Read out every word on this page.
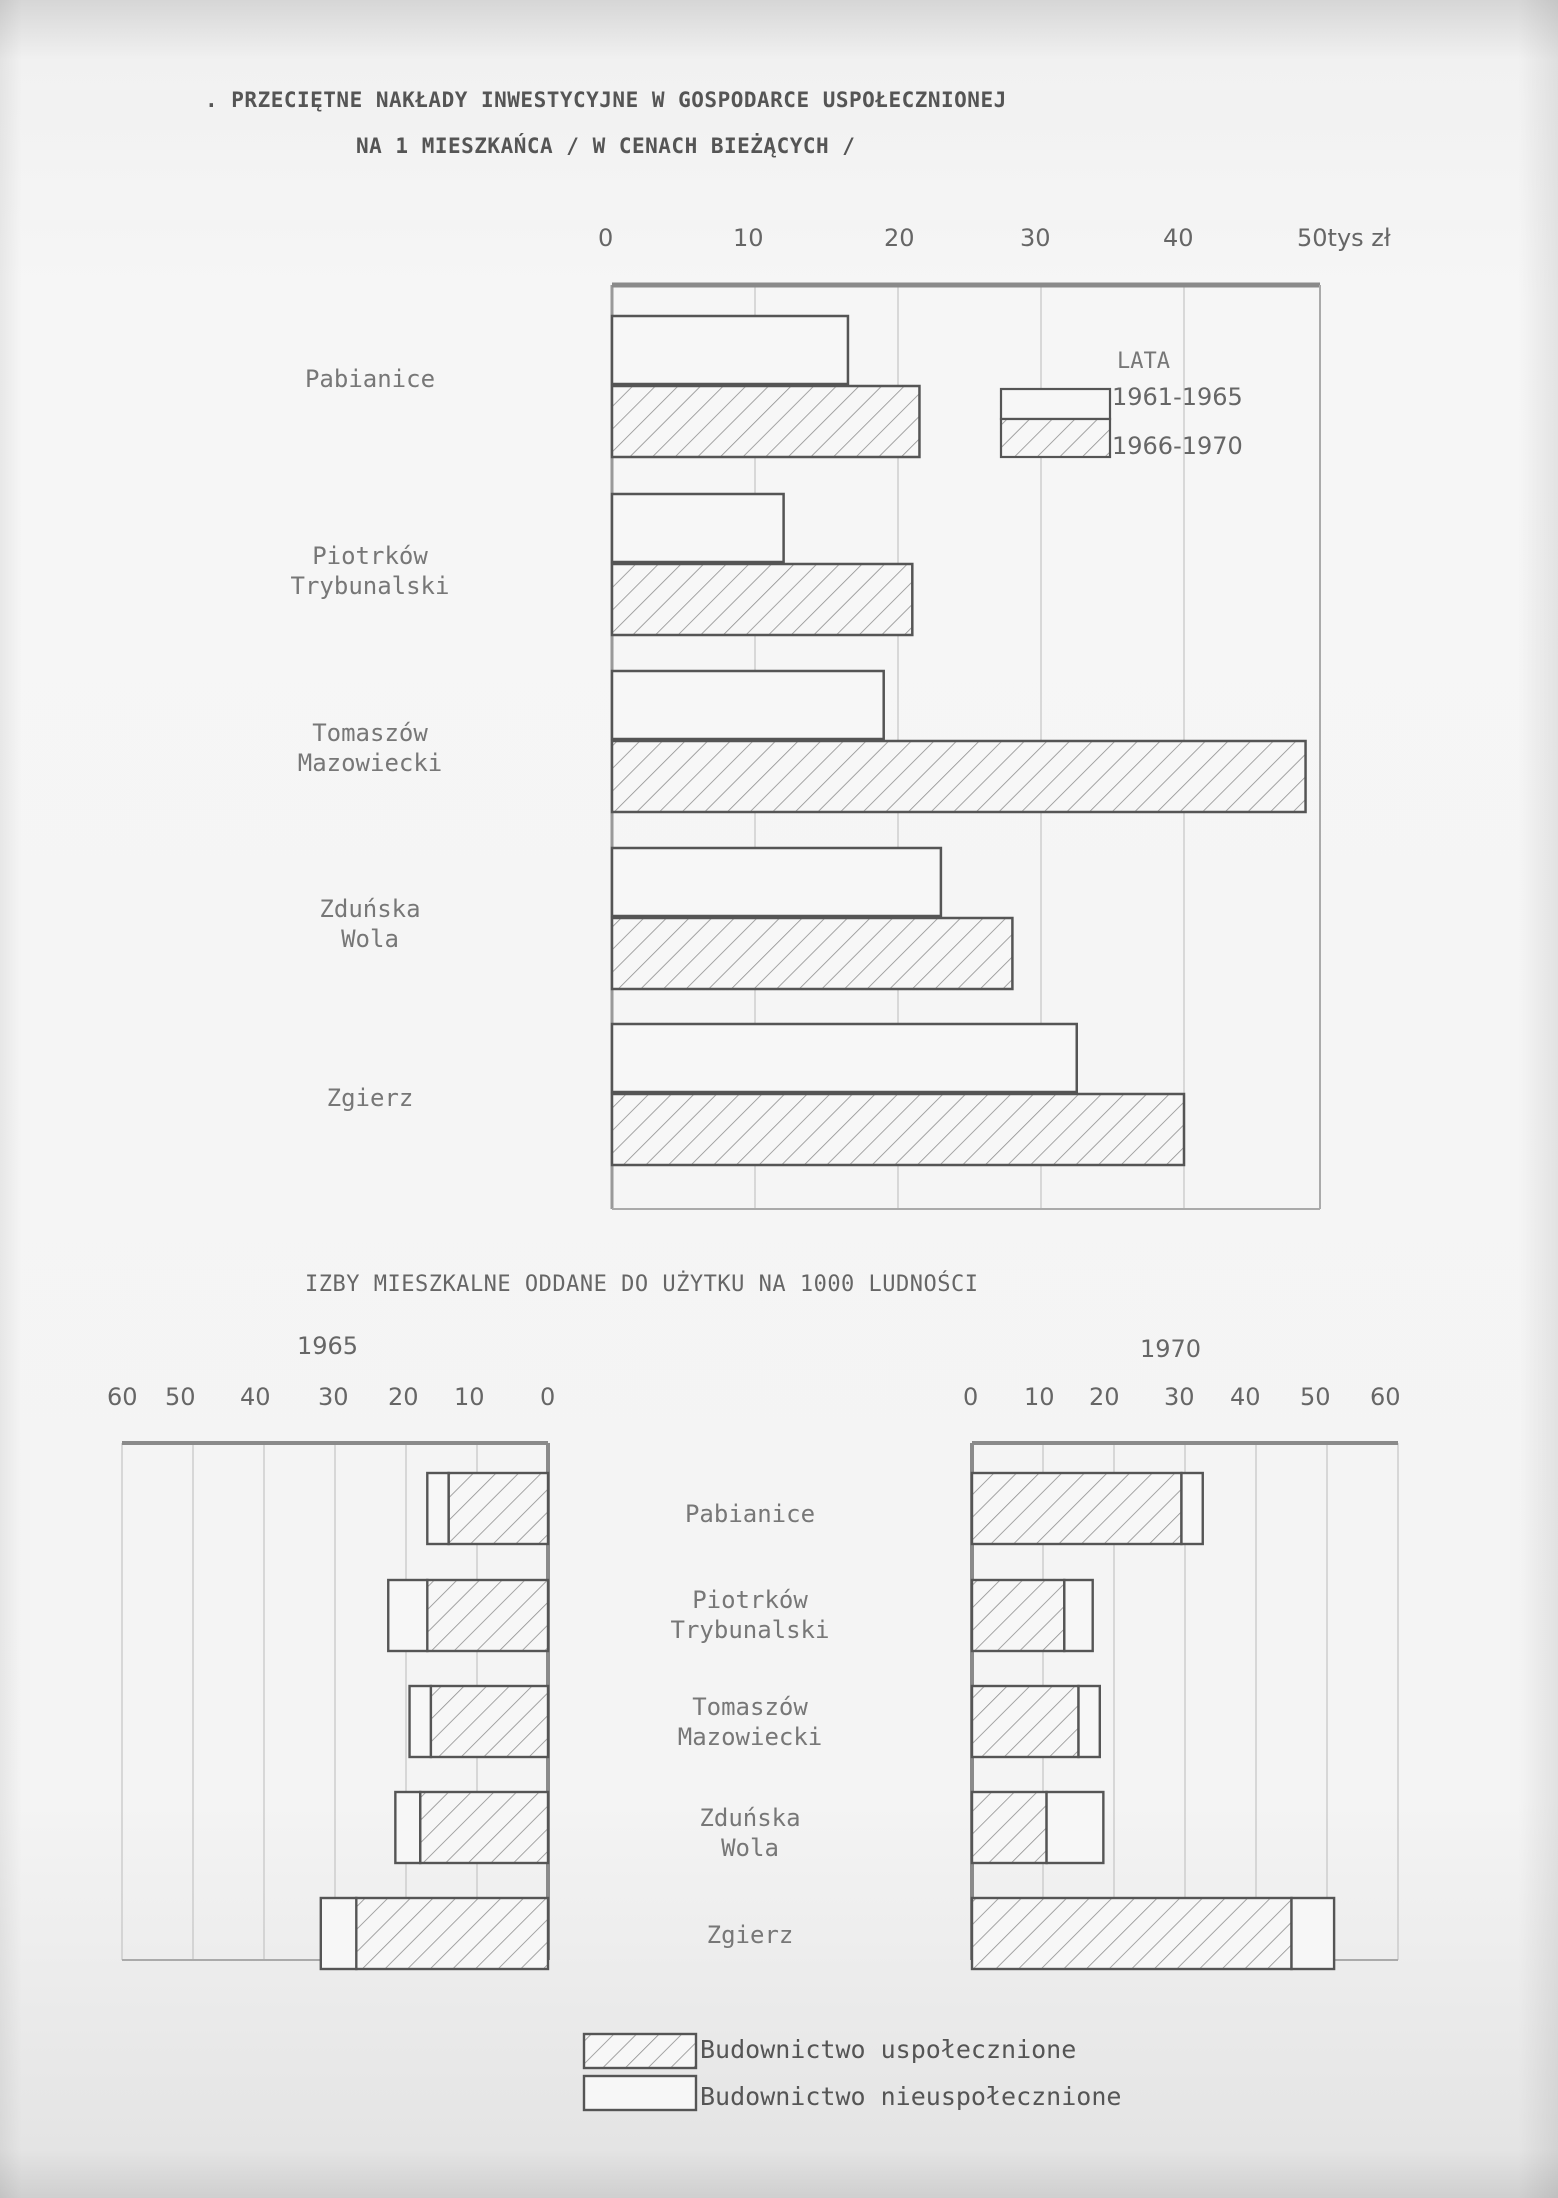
. PRZECIĘTNE NAKŁADY INWESTYCYJNE W GOSPODARCE USPOŁECZNIONEJ
NA 1 MIESZKAŃCA / W CENACH BIEŻĄCYCH /
0	10	20	30	40	50tys zł
Pabianice
Piotrków
Trybunalski
Tomaszów
Mazowiecki
Zduńska
Wola
Zgierz
LATA
1961-1965
1966-1970
IZBY MIESZKALNE ODDANE DO UŻYTKU NA 1000 LUDNOŚCI
1965	1970
60 50 40 30 20 10 0	0 10 20 30 40 50 60
Pabianice
Piotrków
Trybunalski
Tomaszów
Mazowiecki
Zduńska
Wola
Zgierz
Budownictwo uspołecznione
Budownictwo nieuspołecznione
